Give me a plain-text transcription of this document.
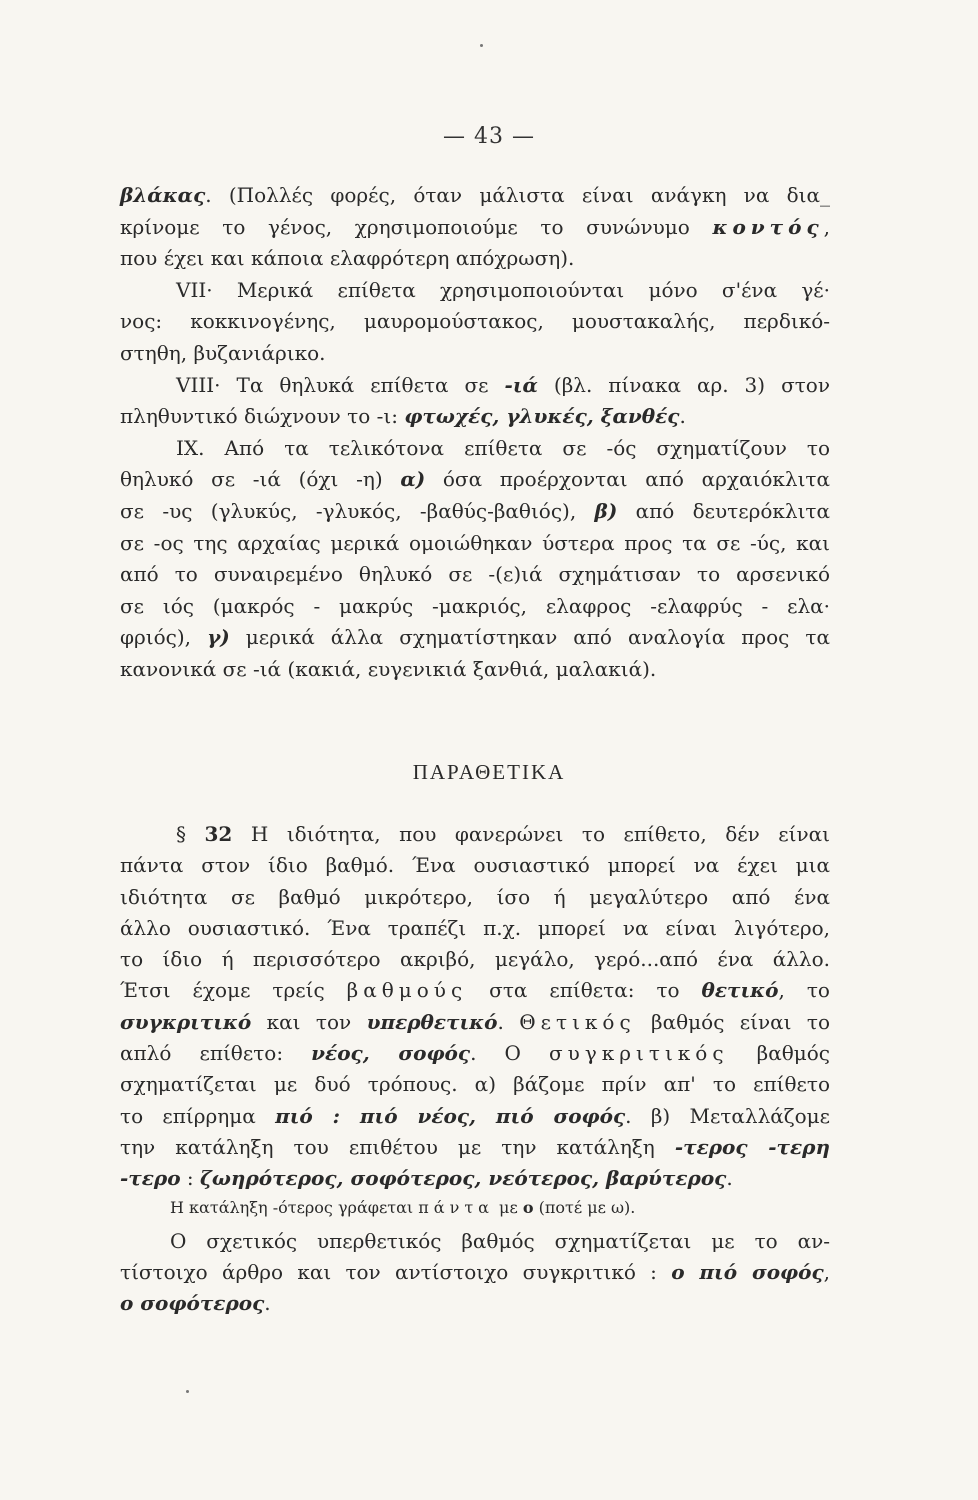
— 43 —
βλάκας. (Πολλές φορές, όταν μάλιστα είναι ανάγκη να δια_
κρίνομε το γένος, χρησιμοποιούμε το συνώνυμο κοντός,
που έχει και κάποια ελαφρότερη απόχρωση).
VII· Μερικά επίθετα χρησιμοποιούνται μόνο σ'ένα γέ·
νος: κοκκινογένης, μαυρομούστακος, μουστακαλής, περδικό-
στηθη, βυζανιάρικο.
VIII· Τα θηλυκά επίθετα σε -ιά (βλ. πίνακα αρ. 3) στον
πληθυντικό διώχνουν το -ι: φτωχές, γλυκές, ξανθές.
IX. Από τα τελικότονα επίθετα σε -ός σχηματίζουν το
θηλυκό σε -ιά (όχι -η) α) όσα προέρχονται από αρχαιόκλιτα
σε -υς (γλυκύς, -γλυκός, -βαθύς-βαθιός), β) από δευτερόκλιτα
σε -ος της αρχαίας μερικά ομοιώθηκαν ύστερα προς τα σε -ύς, και
από το συναιρεμένο θηλυκό σε -(ε)ιά σχημάτισαν το αρσενικό
σε ιός (μακρός - μακρύς -μακριός, ελαφρος -ελαφρύς - ελα·
φριός), γ) μερικά άλλα σχηματίστηκαν από αναλογία προς τα
κανονικά σε -ιά (κακιά, ευγενικιά ξανθιά, μαλακιά).
ΠΑΡΑΘΕΤΙΚΑ
§ 32 Η ιδιότητα, που φανερώνει το επίθετο, δέν είναι
πάντα στον ίδιο βαθμό. Ένα ουσιαστικό μπορεί να έχει μια
ιδιότητα σε βαθμό μικρότερο, ίσο ή μεγαλύτερο από ένα
άλλο ουσιαστικό. Ένα τραπέζι π.χ. μπορεί να είναι λιγότερο,
το ίδιο ή περισσότερο ακριβό, μεγάλο, γερό...από ένα άλλο.
Έτσι έχομε τρείς βαθμούς στα επίθετα: το θετικό, το
συγκριτικό και τον υπερθετικό. Θετικός βαθμός είναι το
απλό επίθετο: νέος, σοφός. Ο συγκριτικός βαθμός
σχηματίζεται με δυό τρόπους. α) βάζομε πρίν απ' το επίθετο
το επίρρημα πιό : πιό νέος, πιό σοφός. β) Μεταλλάζομε
την κατάληξη του επιθέτου με την κατάληξη -τερος -τερη
-τερο : ζωηρότερος, σοφότερος, νεότερος, βαρύτερος.
Η κατάληξη -ότερος γράφεται πάντα με ο (ποτέ με ω).
Ο σχετικός υπερθετικός βαθμός σχηματίζεται με το αν-
τίστοιχο άρθρο και τον αντίστοιχο συγκριτικό : ο πιό σοφός,
ο σοφότερος.
